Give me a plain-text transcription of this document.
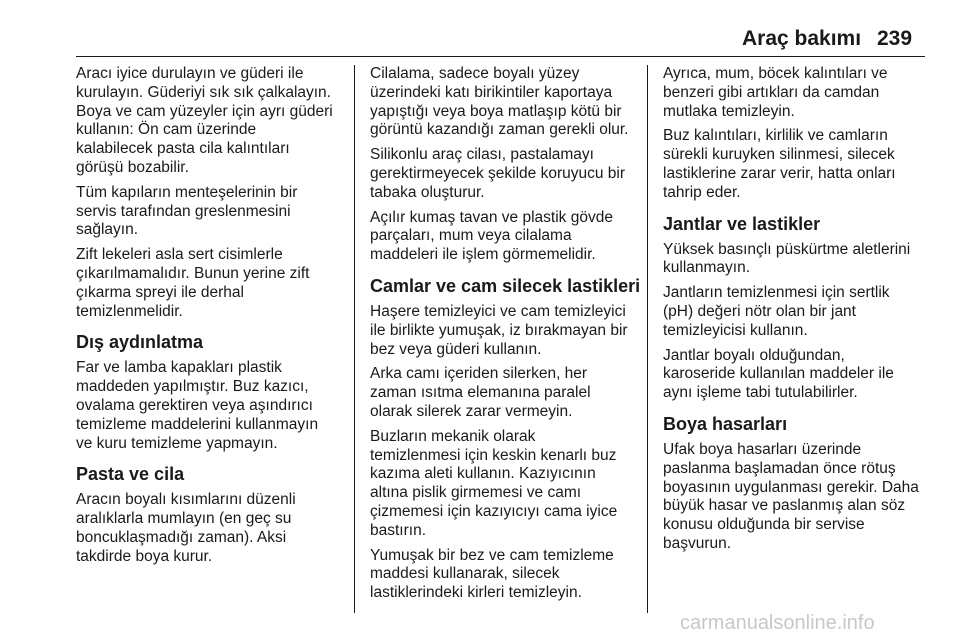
Araç bakımı 239
Aracı iyice durulayın ve güderi ile
kurulayın. Güderiyi sık sık çalkalayın.
Boya ve cam yüzeyler için ayrı güderi
kullanın: Ön cam üzerinde
kalabilecek pasta cila kalıntıları
görüşü bozabilir.
Tüm kapıların menteşelerinin bir
servis tarafından greslenmesini
sağlayın.
Zift lekeleri asla sert cisimlerle
çıkarılmamalıdır. Bunun yerine zift
çıkarma spreyi ile derhal
temizlenmelidir.
Dış aydınlatma
Far ve lamba kapakları plastik
maddeden yapılmıştır. Buz kazıcı,
ovalama gerektiren veya aşındırıcı
temizleme maddelerini kullanmayın
ve kuru temizleme yapmayın.
Pasta ve cila
Aracın boyalı kısımlarını düzenli
aralıklarla mumlayın (en geç su
boncuklaşmadığı zaman). Aksi
takdirde boya kurur.
Cilalama, sadece boyalı yüzey
üzerindeki katı birikintiler kaportaya
yapıştığı veya boya matlaşıp kötü bir
görüntü kazandığı zaman gerekli olur.
Silikonlu araç cilası, pastalamayı
gerektirmeyecek şekilde koruyucu bir
tabaka oluşturur.
Açılır kumaş tavan ve plastik gövde
parçaları, mum veya cilalama
maddeleri ile işlem görmemelidir.
Camlar ve cam silecek lastikleri
Haşere temizleyici ve cam temizleyici
ile birlikte yumuşak, iz bırakmayan bir
bez veya güderi kullanın.
Arka camı içeriden silerken, her
zaman ısıtma elemanına paralel
olarak silerek zarar vermeyin.
Buzların mekanik olarak
temizlenmesi için keskin kenarlı buz
kazıma aleti kullanın. Kazıyıcının
altına pislik girmemesi ve camı
çizmemesi için kazıyıcıyı cama iyice
bastırın.
Yumuşak bir bez ve cam temizleme
maddesi kullanarak, silecek
lastiklerindeki kirleri temizleyin.
Ayrıca, mum, böcek kalıntıları ve
benzeri gibi artıkları da camdan
mutlaka temizleyin.
Buz kalıntıları, kirlilik ve camların
sürekli kuruyken silinmesi, silecek
lastiklerine zarar verir, hatta onları
tahrip eder.
Jantlar ve lastikler
Yüksek basınçlı püskürtme aletlerini
kullanmayın.
Jantların temizlenmesi için sertlik
(pH) değeri nötr olan bir jant
temizleyicisi kullanın.
Jantlar boyalı olduğundan,
karoseride kullanılan maddeler ile
aynı işleme tabi tutulabilirler.
Boya hasarları
Ufak boya hasarları üzerinde
paslanma başlamadan önce rötuş
boyasının uygulanması gerekir. Daha
büyük hasar ve paslanmış alan söz
konusu olduğunda bir servise
başvurun.
carmanualsonline.info
